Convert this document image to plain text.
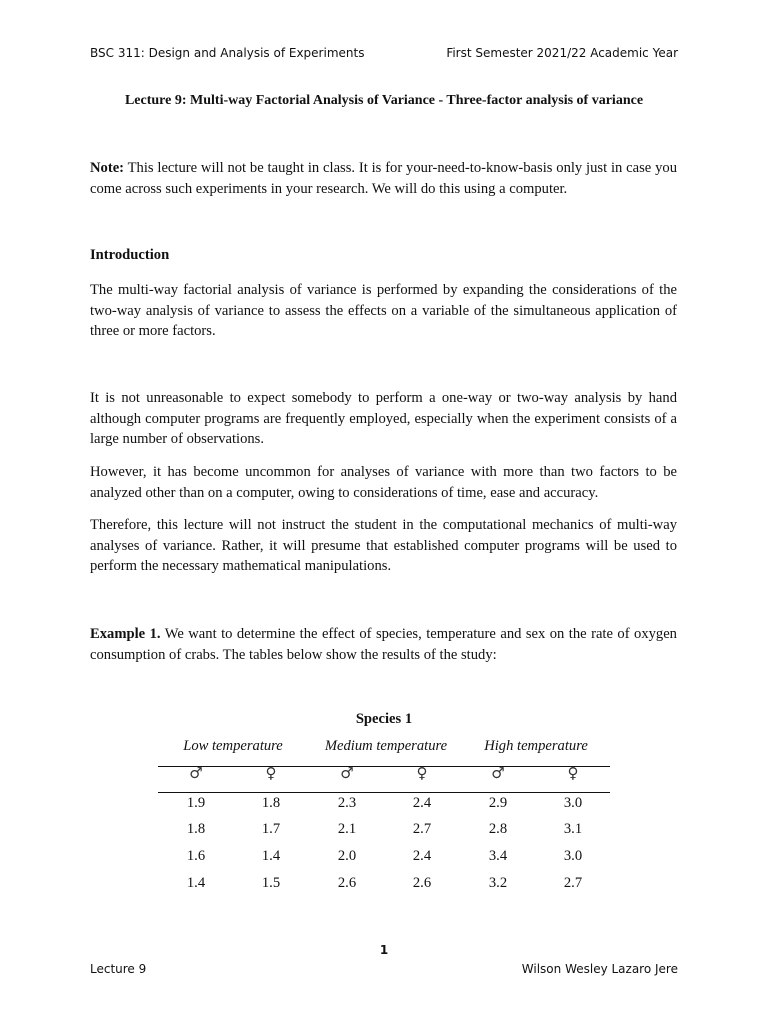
BSC 311: Design and Analysis of Experiments	First Semester 2021/22 Academic Year
Lecture 9: Multi-way Factorial Analysis of Variance - Three-factor analysis of variance

Note: This lecture will not be taught in class. It is for your-need-to-know-basis only just in case you come across such experiments in your research. We will do this using a computer.

Introduction

The multi-way factorial analysis of variance is performed by expanding the considerations of the two-way analysis of variance to assess the effects on a variable of the simultaneous application of three or more factors.

It is not unreasonable to expect somebody to perform a one-way or two-way analysis by hand although computer programs are frequently employed, especially when the experiment consists of a large number of observations.

However, it has become uncommon for analyses of variance with more than two factors to be analyzed other than on a computer, owing to considerations of time, ease and accuracy.

Therefore, this lecture will not instruct the student in the computational mechanics of multi-way analyses of variance. Rather, it will presume that established computer programs will be used to perform the necessary mathematical manipulations.

Example 1. We want to determine the effect of species, temperature and sex on the rate of oxygen consumption of crabs. The tables below show the results of the study:

Species 1
Low temperature	Medium temperature	High temperature
♂	♀	♂	♀	♂	♀
1.9	1.8	2.3	2.4	2.9	3.0
1.8	1.7	2.1	2.7	2.8	3.1
1.6	1.4	2.0	2.4	3.4	3.0
1.4	1.5	2.6	2.6	3.2	2.7
1
Lecture 9	Wilson Wesley Lazaro Jere
